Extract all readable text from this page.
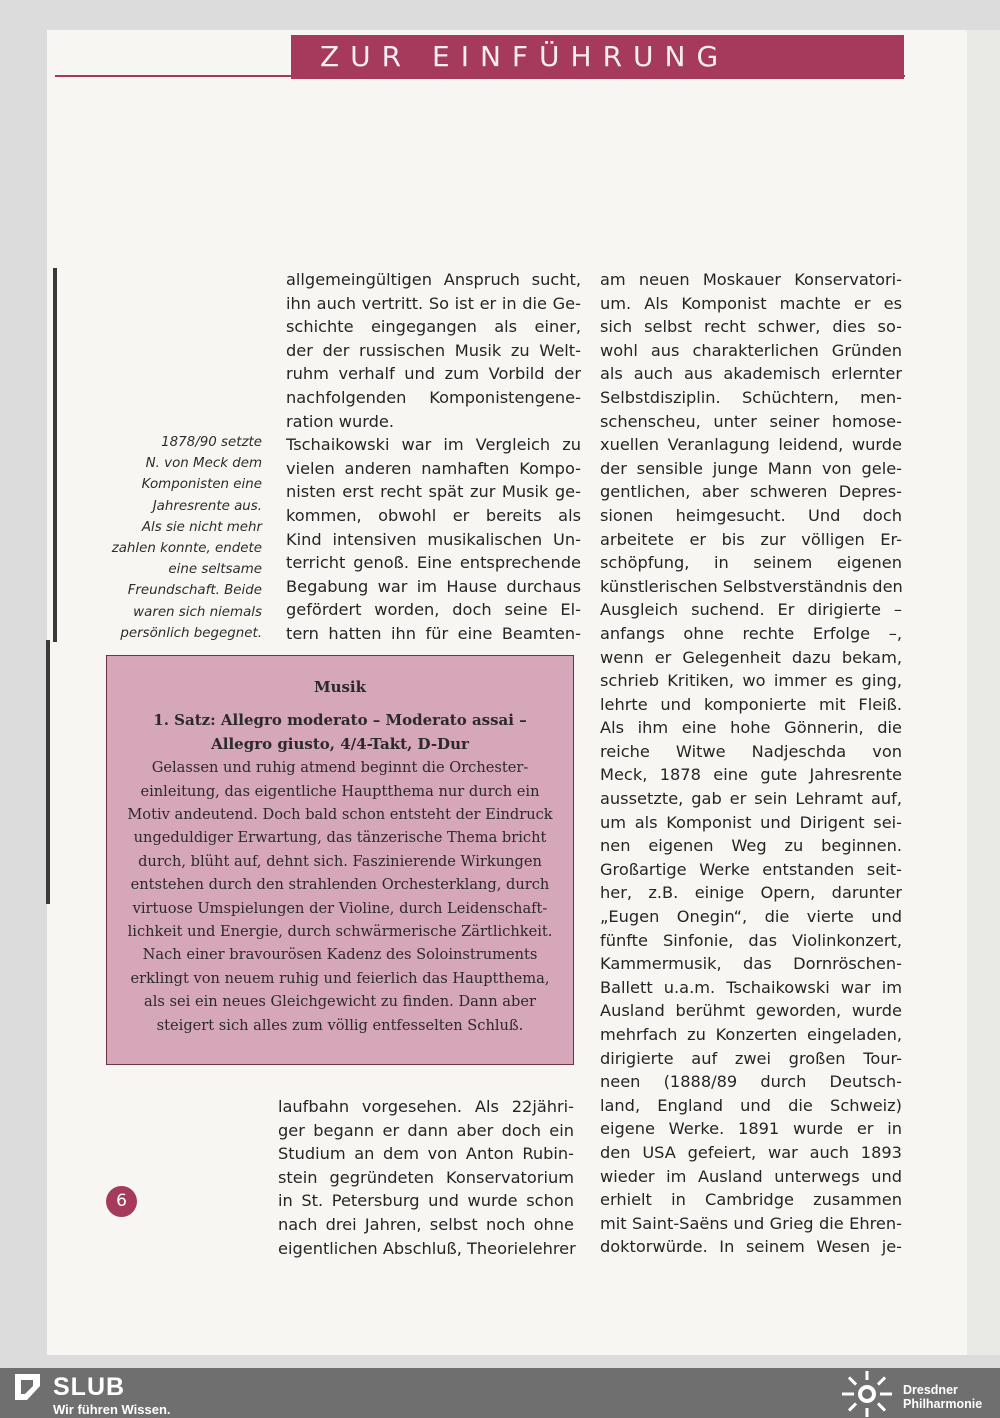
ZUR EINFÜHRUNG
1878/90 setzte
N. von Meck dem
Komponisten eine
Jahresrente aus.
Als sie nicht mehr
zahlen konnte, endete
eine seltsame
Freundschaft. Beide
waren sich niemals
persönlich begegnet.
allgemeingültigen Anspruch sucht,
ihn auch vertritt. So ist er in die Ge-
schichte eingegangen als einer,
der der russischen Musik zu Welt-
ruhm verhalf und zum Vorbild der
nachfolgenden Komponistengene-
ration wurde.
Tschaikowski war im Vergleich zu
vielen anderen namhaften Kompo-
nisten erst recht spät zur Musik ge-
kommen, obwohl er bereits als
Kind intensiven musikalischen Un-
terricht genoß. Eine entsprechende
Begabung war im Hause durchaus
gefördert worden, doch seine El-
tern hatten ihn für eine Beamten-
Musik
1. Satz: Allegro moderato – Moderato assai –
Allegro giusto, 4/4-Takt, D-Dur
Gelassen und ruhig atmend beginnt die Orchester-
einleitung, das eigentliche Hauptthema nur durch ein
Motiv andeutend. Doch bald schon entsteht der Eindruck
ungeduldiger Erwartung, das tänzerische Thema bricht
durch, blüht auf, dehnt sich. Faszinierende Wirkungen
entstehen durch den strahlenden Orchesterklang, durch
virtuose Umspielungen der Violine, durch Leidenschaft-
lichkeit und Energie, durch schwärmerische Zärtlichkeit.
Nach einer bravourösen Kadenz des Soloinstruments
erklingt von neuem ruhig und feierlich das Hauptthema,
als sei ein neues Gleichgewicht zu finden. Dann aber
steigert sich alles zum völlig entfesselten Schluß.
laufbahn vorgesehen. Als 22jähri-
ger begann er dann aber doch ein
Studium an dem von Anton Rubin-
stein gegründeten Konservatorium
in St. Petersburg und wurde schon
nach drei Jahren, selbst noch ohne
eigentlichen Abschluß, Theorielehrer
am neuen Moskauer Konservatori-
um. Als Komponist machte er es
sich selbst recht schwer, dies so-
wohl aus charakterlichen Gründen
als auch aus akademisch erlernter
Selbstdisziplin. Schüchtern, men-
schenscheu, unter seiner homose-
xuellen Veranlagung leidend, wurde
der sensible junge Mann von gele-
gentlichen, aber schweren Depres-
sionen heimgesucht. Und doch
arbeitete er bis zur völligen Er-
schöpfung, in seinem eigenen
künstlerischen Selbstverständnis den
Ausgleich suchend. Er dirigierte –
anfangs ohne rechte Erfolge –,
wenn er Gelegenheit dazu bekam,
schrieb Kritiken, wo immer es ging,
lehrte und komponierte mit Fleiß.
Als ihm eine hohe Gönnerin, die
reiche Witwe Nadjeschda von
Meck, 1878 eine gute Jahresrente
aussetzte, gab er sein Lehramt auf,
um als Komponist und Dirigent sei-
nen eigenen Weg zu beginnen.
Großartige Werke entstanden seit-
her, z.B. einige Opern, darunter
„Eugen Onegin“, die vierte und
fünfte Sinfonie, das Violinkonzert,
Kammermusik, das Dornröschen-
Ballett u.a.m. Tschaikowski war im
Ausland berühmt geworden, wurde
mehrfach zu Konzerten eingeladen,
dirigierte auf zwei großen Tour-
neen (1888/89 durch Deutsch-
land, England und die Schweiz)
eigene Werke. 1891 wurde er in
den USA gefeiert, war auch 1893
wieder im Ausland unterwegs und
erhielt in Cambridge zusammen
mit Saint-Saëns und Grieg die Ehren-
doktorwürde. In seinem Wesen je-
6
SLUB
Wir führen Wissen.
Dresdner
Philharmonie
